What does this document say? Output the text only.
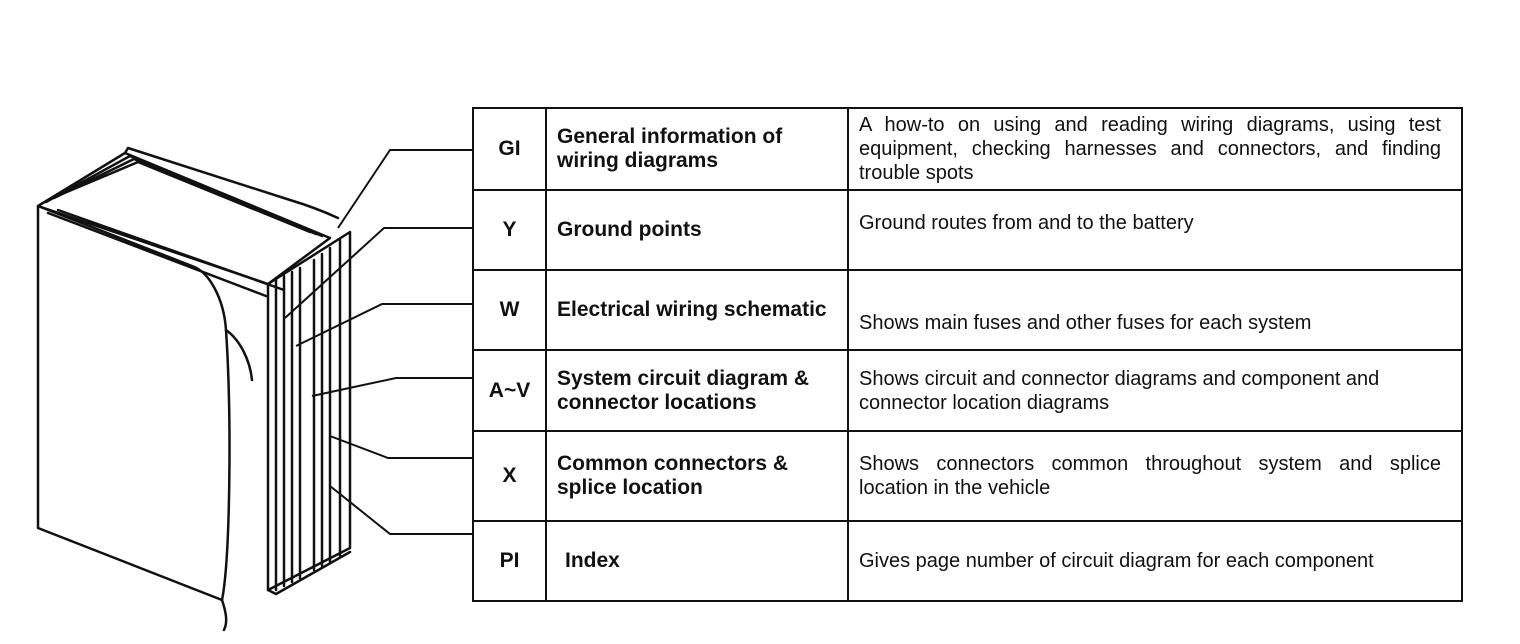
GI	General information of wiring diagrams	A how-to on using and reading wiring diagrams, using test equipment, checking harnesses and connectors, and finding trouble spots
Y	Ground points	Ground routes from and to the battery
W	Electrical wiring schematic	Shows main fuses and other fuses for each system
A~V	System circuit diagram & connector locations	Shows circuit and connector diagrams and component and connector location diagrams
X	Common connectors & splice location	Shows connectors common throughout system and splice location in the vehicle
PI	Index	Gives page number of circuit diagram for each component
